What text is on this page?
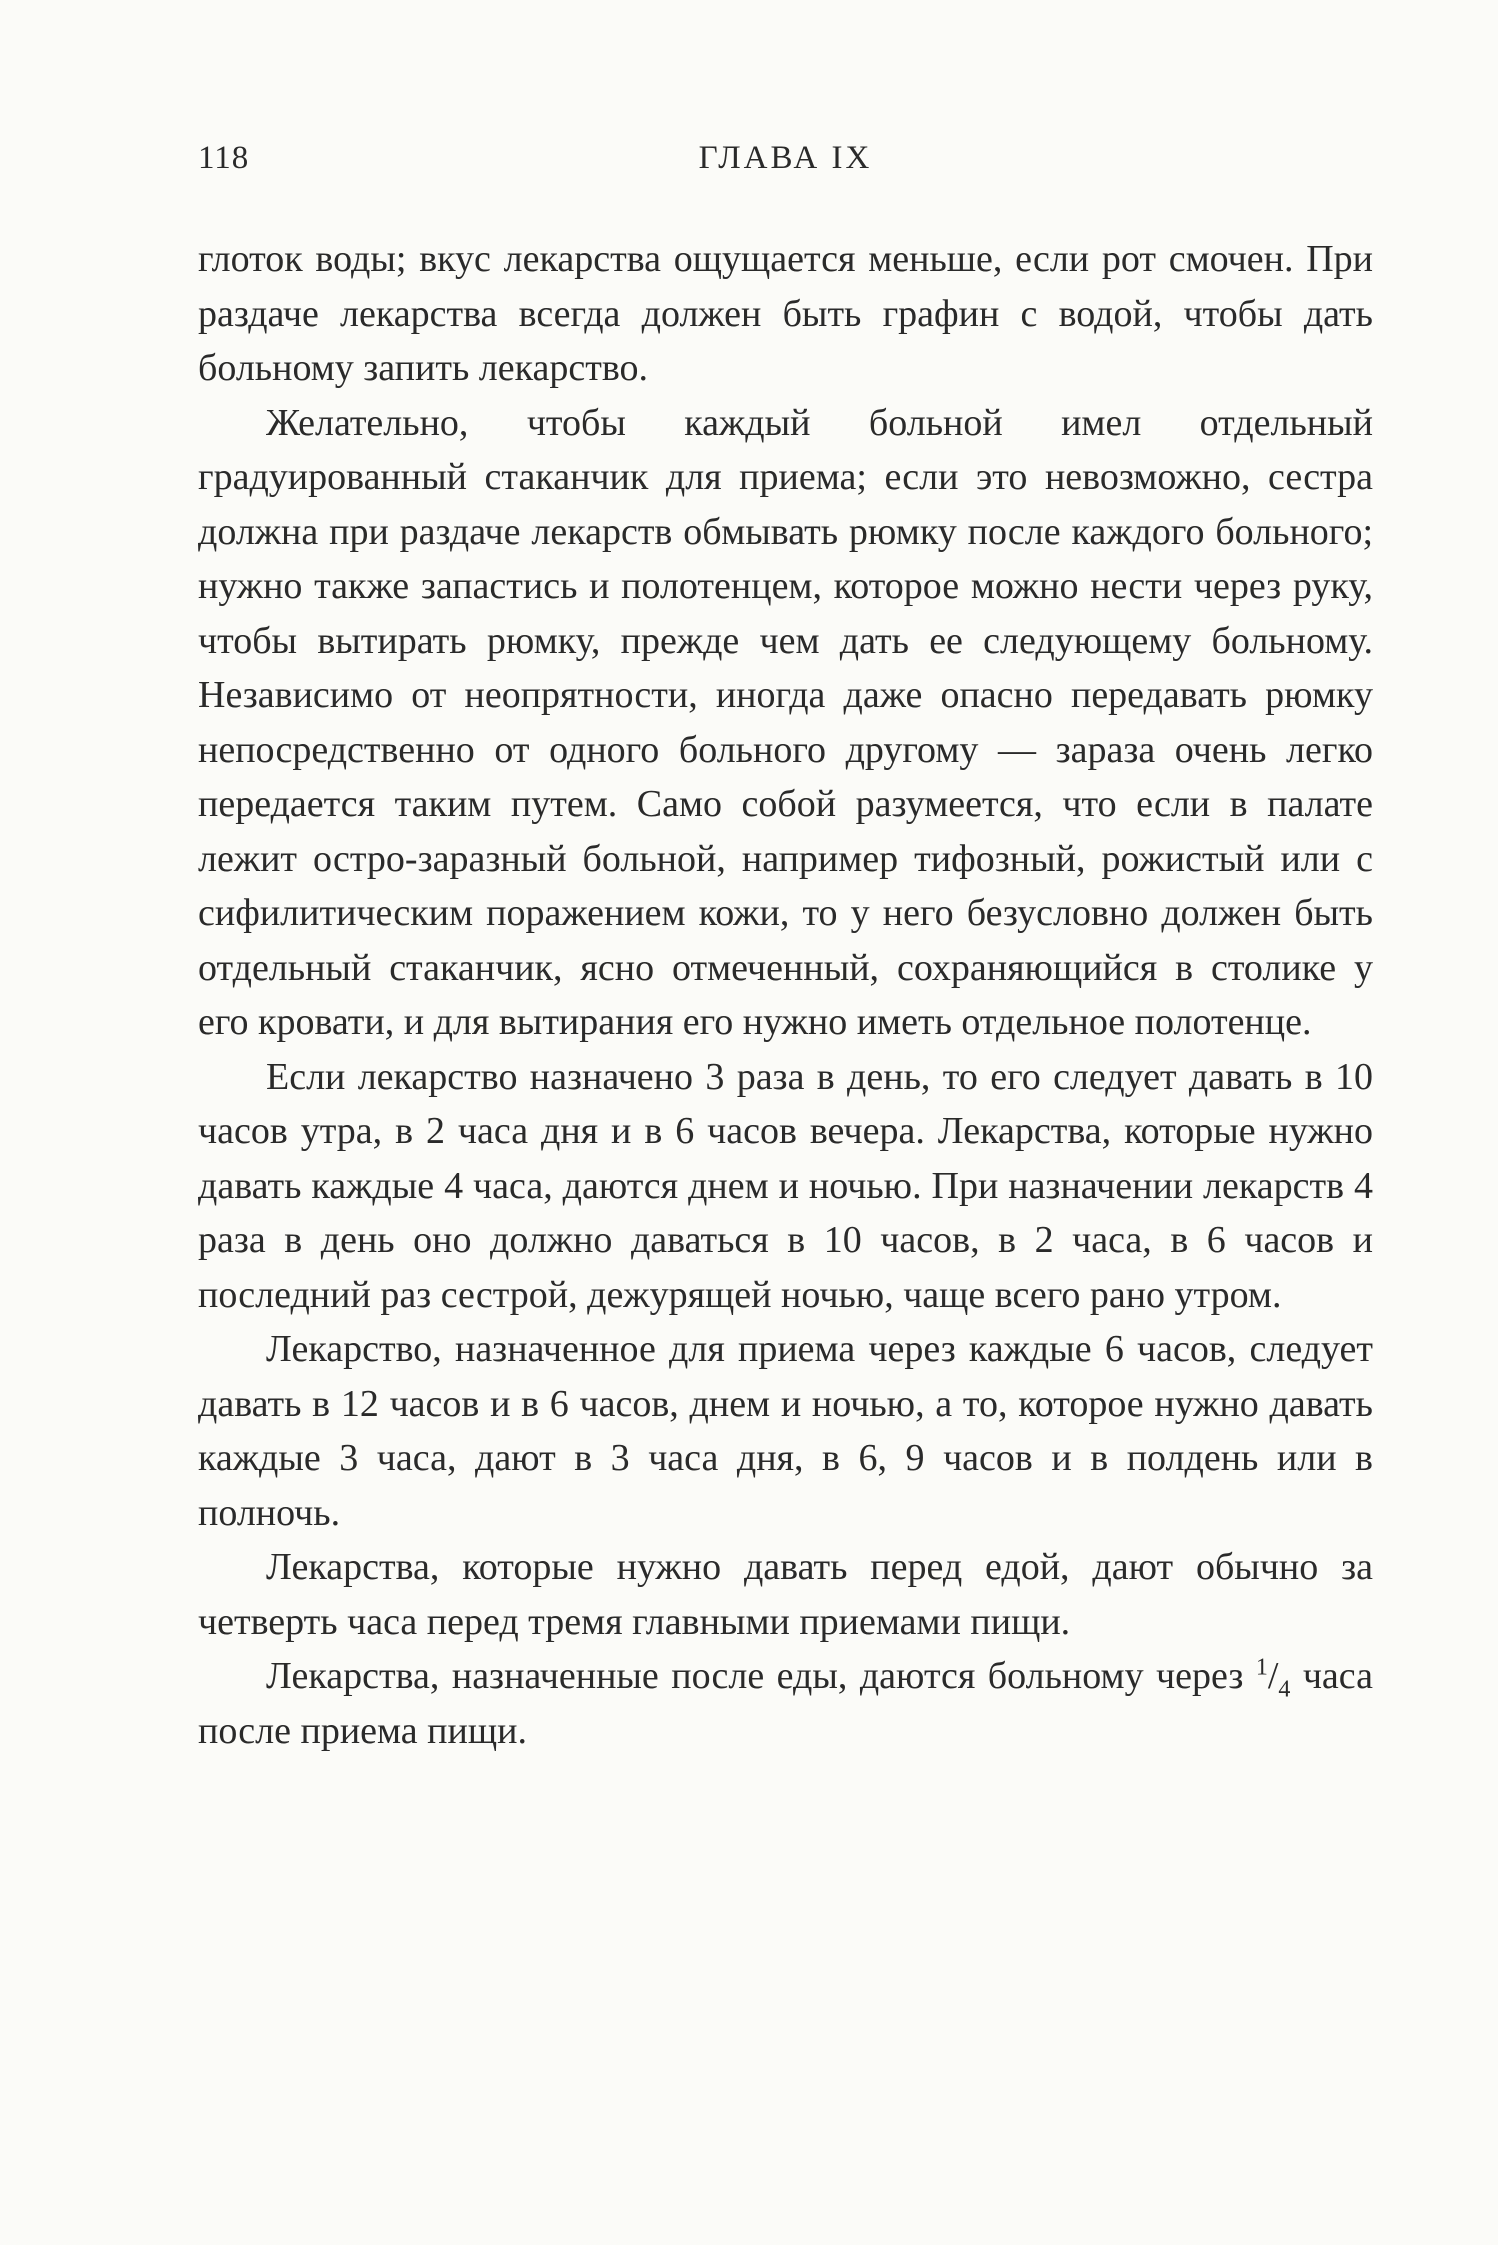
118	ГЛАВА IX

глоток воды; вкус лекарства ощущается меньше, если рот смочен. При раздаче лекарства всегда должен быть графин с водой, чтобы дать больному запить лекарство.

Желательно, чтобы каждый больной имел отдельный градуированный стаканчик для приема; если это невозможно, сестра должна при раздаче лекарств обмывать рюмку после каждого больного; нужно также запастись и полотенцем, которое можно нести через руку, чтобы вытирать рюмку, прежде чем дать ее следующему больному. Независимо от неопрятности, иногда даже опасно передавать рюмку непосредственно от одного больного другому — зараза очень легко передается таким путем. Само собой разумеется, что если в палате лежит остро-заразный больной, например тифозный, рожистый или с сифилитическим поражением кожи, то у него безусловно должен быть отдельный стаканчик, ясно отмеченный, сохраняющийся в столике у его кровати, и для вытирания его нужно иметь отдельное полотенце.

Если лекарство назначено 3 раза в день, то его следует давать в 10 часов утра, в 2 часа дня и в 6 часов вечера. Лекарства, которые нужно давать каждые 4 часа, даются днем и ночью. При назначении лекарств 4 раза в день оно должно даваться в 10 часов, в 2 часа, в 6 часов и последний раз сестрой, дежурящей ночью, чаще всего рано утром.

Лекарство, назначенное для приема через каждые 6 часов, следует давать в 12 часов и в 6 часов, днем и ночью, а то, которое нужно давать каждые 3 часа, дают в 3 часа дня, в 6, 9 часов и в полдень или в полночь.

Лекарства, которые нужно давать перед едой, дают обычно за четверть часа перед тремя главными приемами пищи.

Лекарства, назначенные после еды, даются больному через $^1/_4$ часа после приема пищи.
